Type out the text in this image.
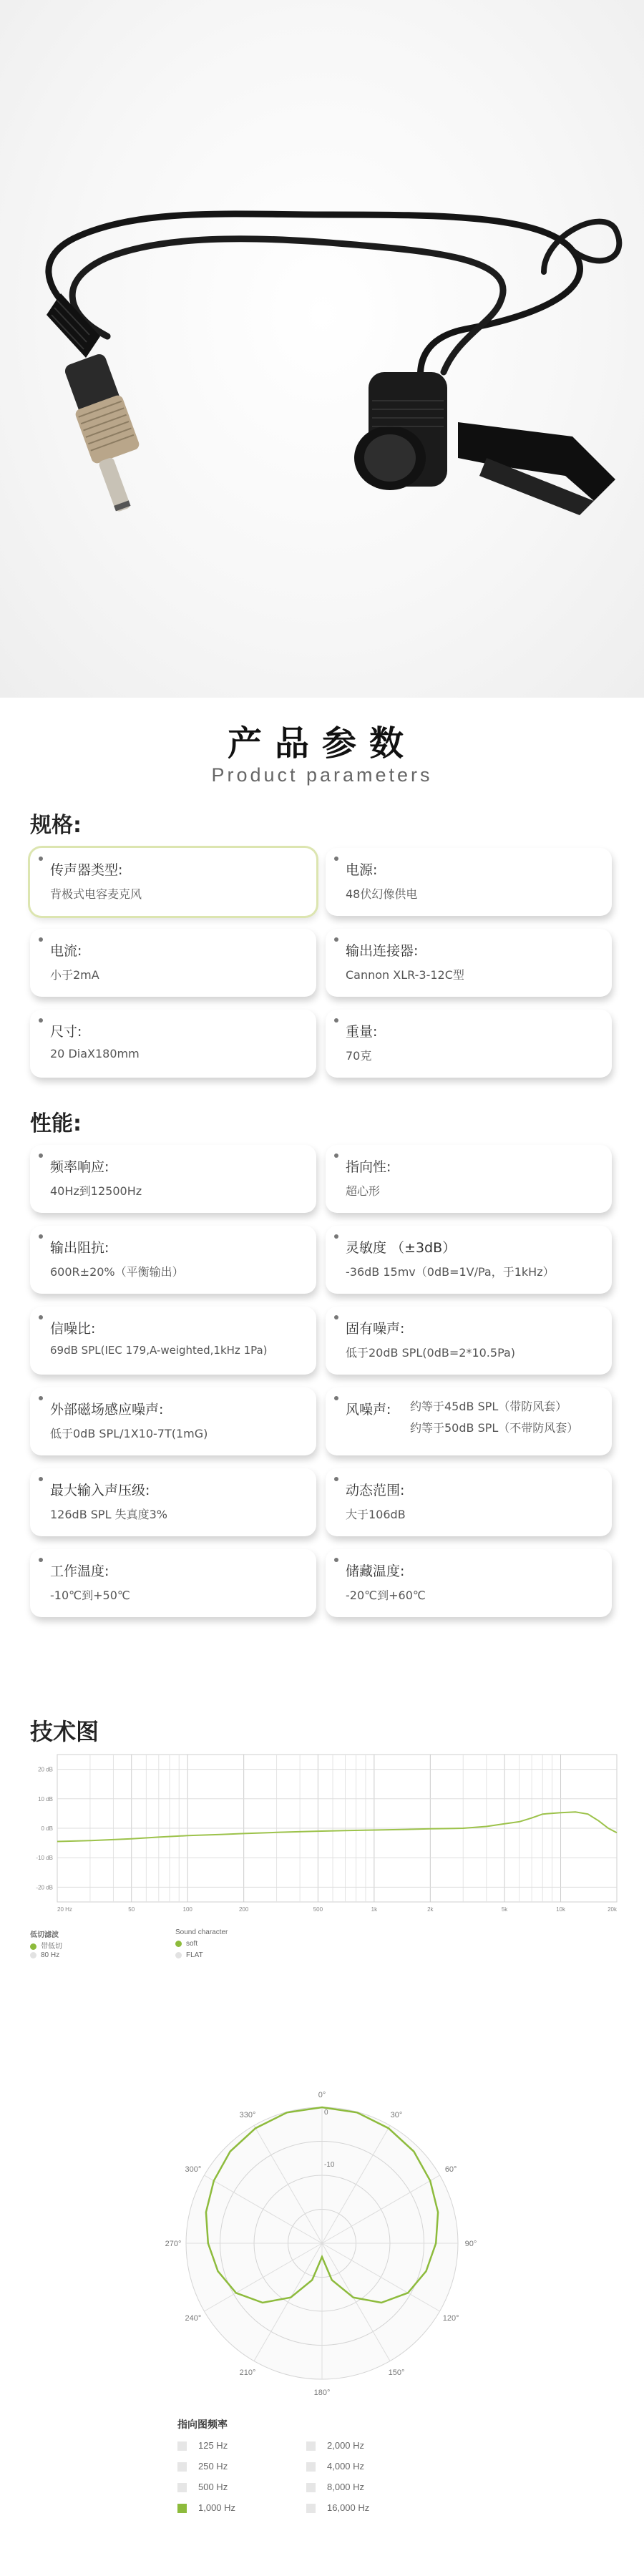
产品参数
Product parameters
规格:
传声器类型:
背极式电容麦克风
电源:
48伏幻像供电
电流:
小于2mA
输出连接器:
Cannon XLR-3-12C型
尺寸:
20 DiaX180mm
重量:
70克
性能:
频率响应:
40Hz到12500Hz
指向性:
超心形
输出阻抗:
600R±20%（平衡输出）
灵敏度 （±3dB）
-36dB 15mv（0dB=1V/Pa，于1kHz）
信噪比:
69dB SPL(IEC 179,A-weighted,1kHz 1Pa)
固有噪声:
低于20dB SPL(0dB=2*10.5Pa)
外部磁场感应噪声:
低于0dB SPL/1X10-7T(1mG)
风噪声: 约等于45dB SPL（带防风套）
约等于50dB SPL（不带防风套）
最大输入声压级:
126dB SPL 失真度3%
动态范围:
大于106dB
工作温度:
-10℃到+50℃
储藏温度:
-20℃到+60℃
技术图
20 dB
10 dB
0 dB
-10 dB
-20 dB
20 Hz	50	100	200	500	1k	2k	5k	10k	20k
低切滤波
带低切
80 Hz
Sound character
soft
FLAT
0°
30°
60°
90°
120°
150°
180°
210°
240°
270°
300°
330°	0
-10
指向图频率
125 Hz	2,000 Hz
250 Hz	4,000 Hz
500 Hz	8,000 Hz
1,000 Hz	16,000 Hz
